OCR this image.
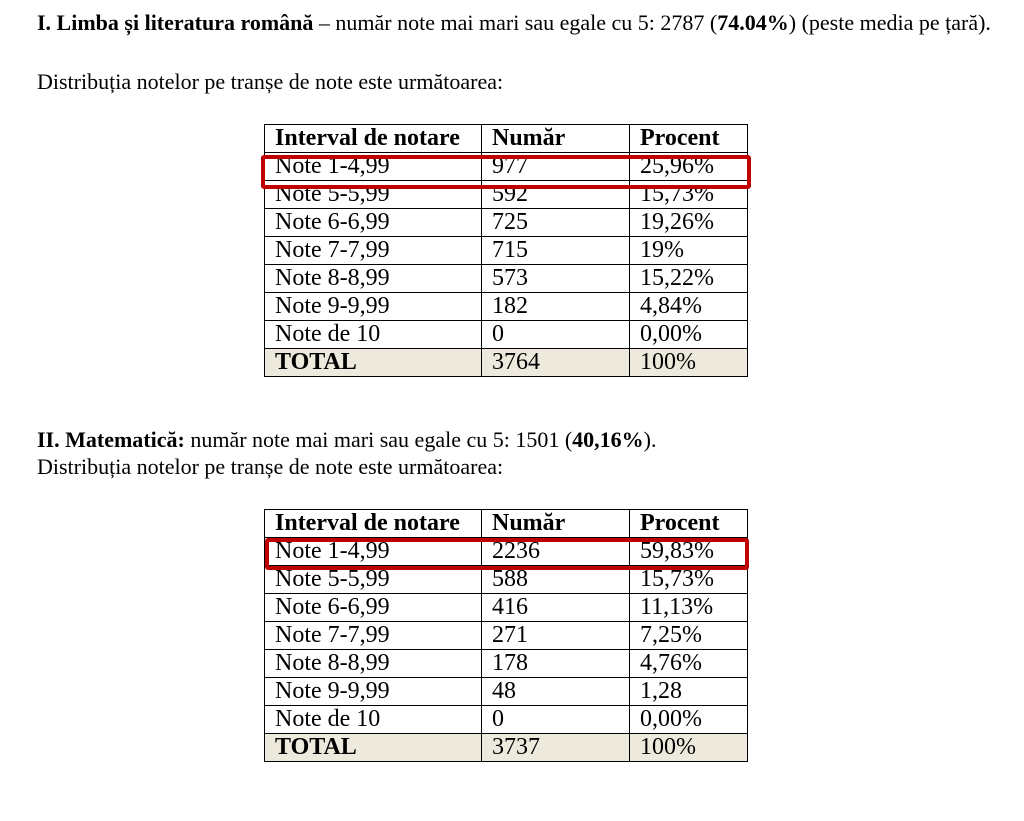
I. Limba și literatura română – număr note mai mari sau egale cu 5: 2787 (74.04%) (peste media pe țară).

Distribuția notelor pe tranșe de note este următoarea:

Interval de notare	Număr	Procent
Note 1-4,99	977	25,96%
Note 5-5,99	592	15,73%
Note 6-6,99	725	19,26%
Note 7-7,99	715	19%
Note 8-8,99	573	15,22%
Note 9-9,99	182	4,84%
Note de 10	0	0,00%
TOTAL	3764	100%

II. Matematică: număr note mai mari sau egale cu 5: 1501 (40,16%).

Distribuția notelor pe tranșe de note este următoarea:

Interval de notare	Număr	Procent
Note 1-4,99	2236	59,83%
Note 5-5,99	588	15,73%
Note 6-6,99	416	11,13%
Note 7-7,99	271	7,25%
Note 8-8,99	178	4,76%
Note 9-9,99	48	1,28
Note de 10	0	0,00%
TOTAL	3737	100%
